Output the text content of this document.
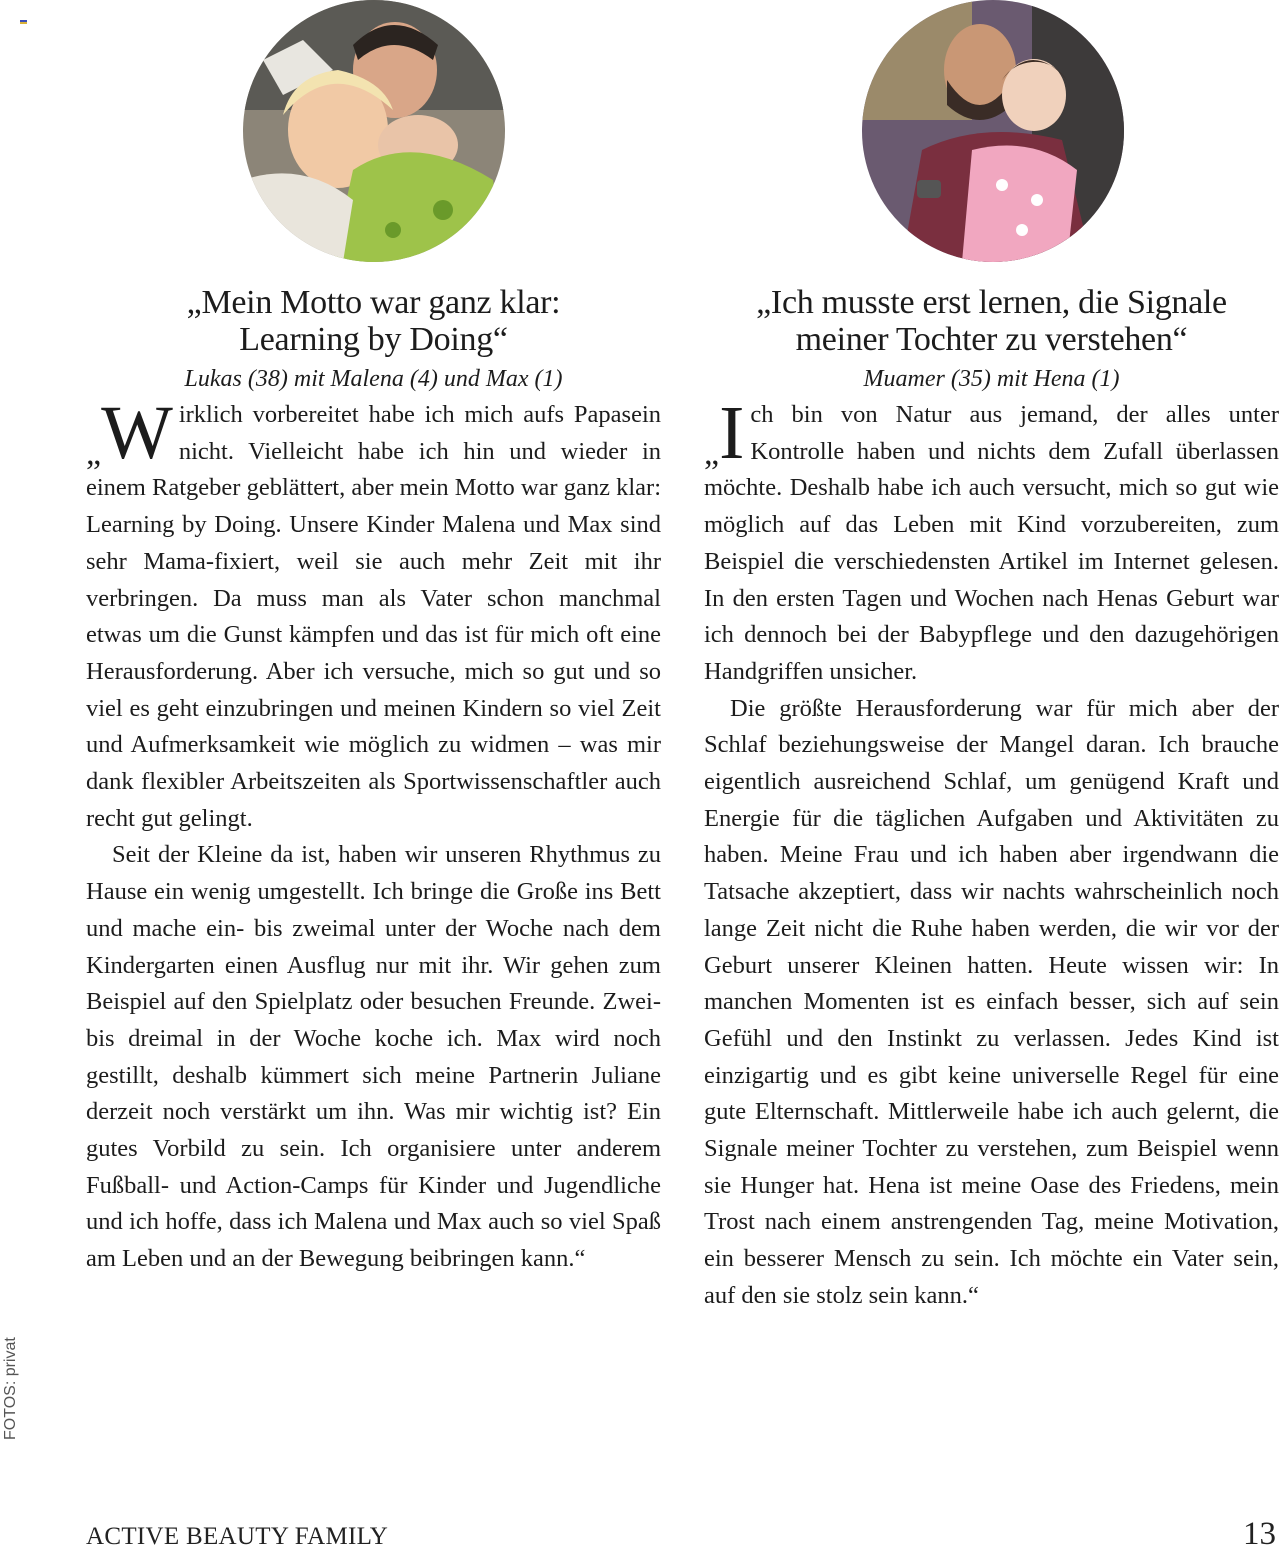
FOTOS: privat
„Mein Motto war ganz klar:
Learning by Doing“
Lukas (38) mit Malena (4) und Max (1)

„W irklich vorbereitet habe ich mich aufs Papasein nicht. Vielleicht habe ich hin und wieder in einem Ratgeber geblättert, aber mein Motto war ganz klar: Learning by Doing. Unsere Kinder Malena und Max sind sehr Mama-fixiert, weil sie auch mehr Zeit mit ihr verbringen. Da muss man als Vater schon manchmal etwas um die Gunst kämpfen und das ist für mich oft eine Herausforderung. Aber ich versuche, mich so gut und so viel es geht einzubringen und meinen Kindern so viel Zeit und Aufmerksamkeit wie möglich zu widmen – was mir dank flexibler Arbeitszeiten als Sportwissenschaftler auch recht gut gelingt.

Seit der Kleine da ist, haben wir unseren Rhythmus zu Hause ein wenig umgestellt. Ich bringe die Große ins Bett und mache ein- bis zweimal unter der Woche nach dem Kindergarten einen Ausflug nur mit ihr. Wir gehen zum Beispiel auf den Spielplatz oder besuchen Freunde. Zwei- bis dreimal in der Woche koche ich. Max wird noch gestillt, deshalb kümmert sich meine Partnerin Juliane derzeit noch verstärkt um ihn. Was mir wichtig ist? Ein gutes Vorbild zu sein. Ich organisiere unter anderem Fußball- und Action-Camps für Kinder und Jugendliche und ich hoffe, dass ich Malena und Max auch so viel Spaß am Leben und an der Bewegung beibringen kann.“

„Ich musste erst lernen, die Signale
meiner Tochter zu verstehen“
Muamer (35) mit Hena (1)

„I ch bin von Natur aus jemand, der alles unter Kontrolle haben und nichts dem Zufall überlassen möchte. Deshalb habe ich auch versucht, mich so gut wie möglich auf das Leben mit Kind vorzubereiten, zum Beispiel die verschiedensten Artikel im Internet gelesen. In den ersten Tagen und Wochen nach Henas Geburt war ich dennoch bei der Babypflege und den dazugehörigen Handgriffen unsicher.

Die größte Herausforderung war für mich aber der Schlaf beziehungsweise der Mangel daran. Ich brauche eigentlich ausreichend Schlaf, um genügend Kraft und Energie für die täglichen Aufgaben und Aktivitäten zu haben. Meine Frau und ich haben aber irgendwann die Tatsache akzeptiert, dass wir nachts wahrscheinlich noch lange Zeit nicht die Ruhe haben werden, die wir vor der Geburt unserer Kleinen hatten. Heute wissen wir: In manchen Momenten ist es einfach besser, sich auf sein Gefühl und den Instinkt zu verlassen. Jedes Kind ist einzigartig und es gibt keine universelle Regel für eine gute Elternschaft. Mittlerweile habe ich auch gelernt, die Signale meiner Tochter zu verstehen, zum Beispiel wenn sie Hunger hat. Hena ist meine Oase des Friedens, mein Trost nach einem anstrengenden Tag, meine Motivation, ein besserer Mensch zu sein. Ich möchte ein Vater sein, auf den sie stolz sein kann.“

ACTIVE BEAUTY FAMILY	13
